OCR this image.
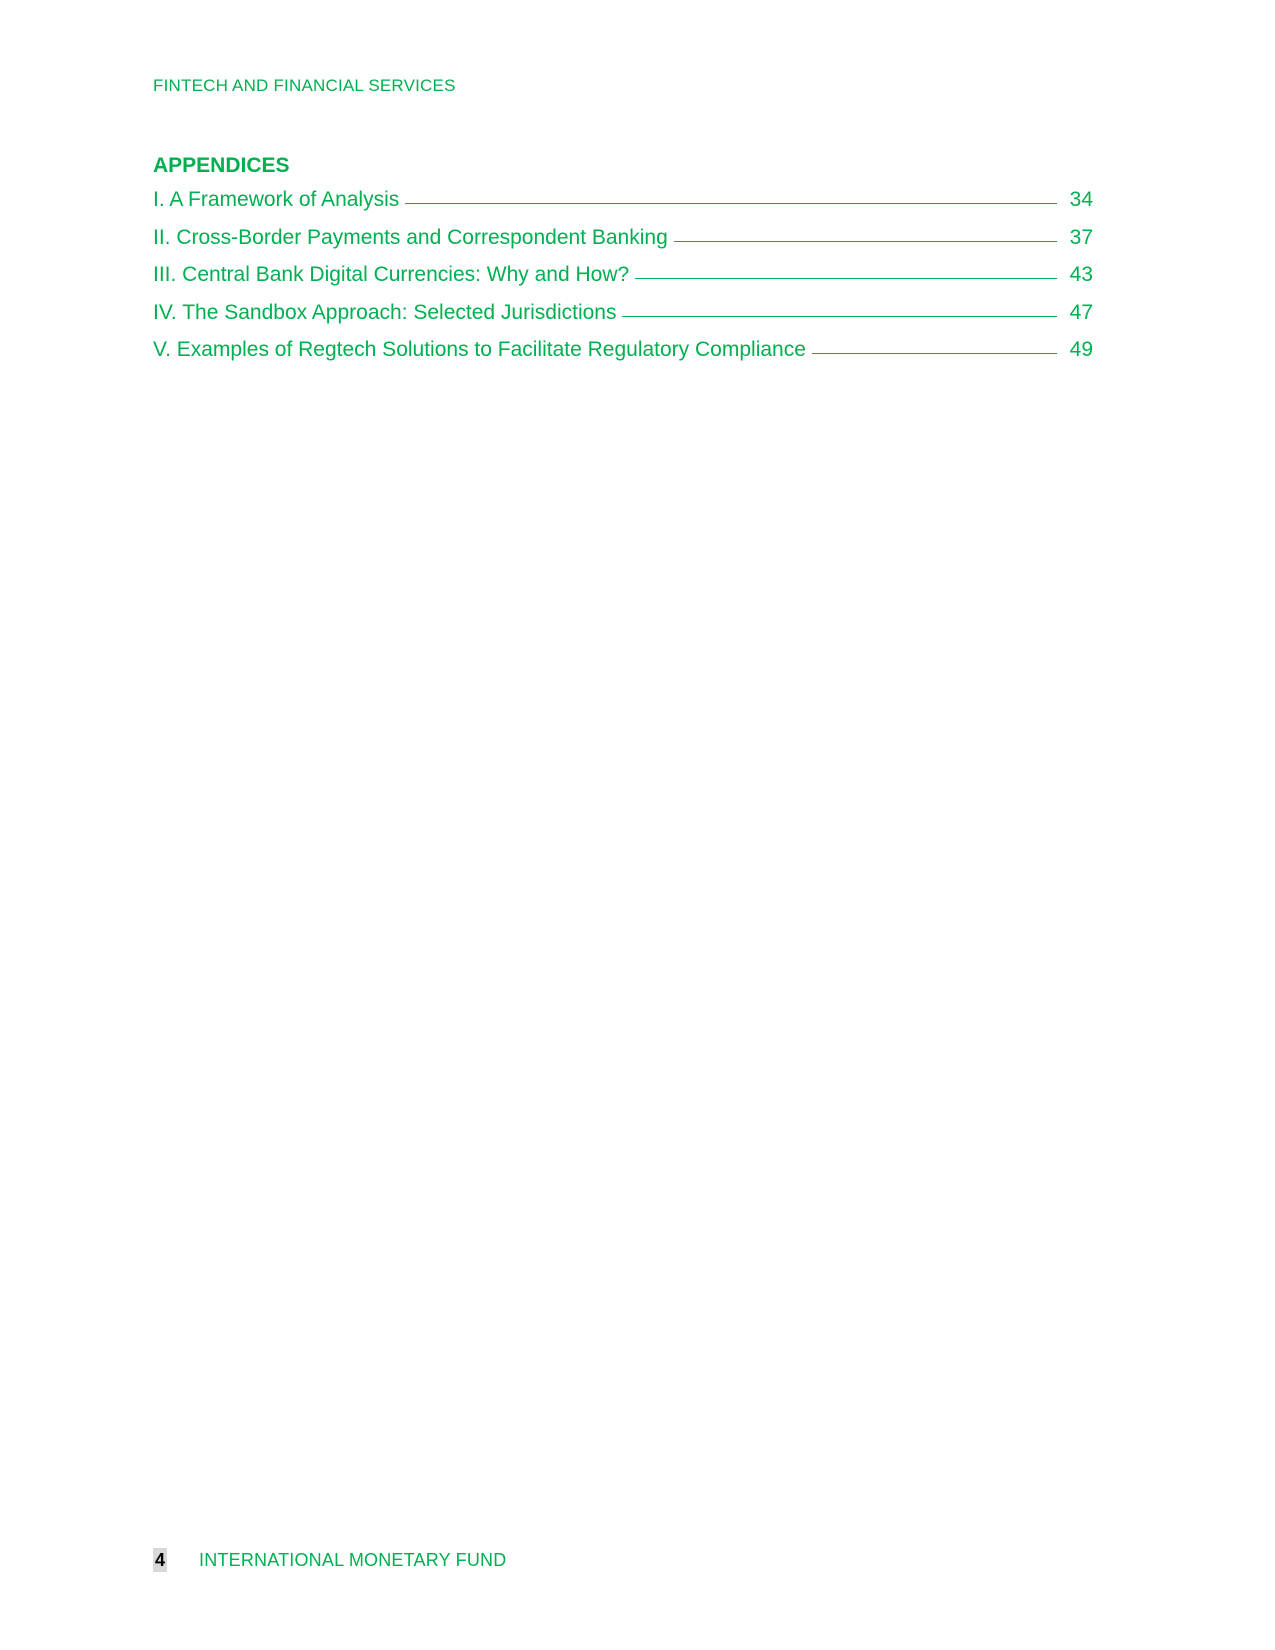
FINTECH AND FINANCIAL SERVICES
APPENDICES
I. A Framework of Analysis	34
II. Cross-Border Payments and Correspondent Banking	37
III. Central Bank Digital Currencies: Why and How?	43
IV. The Sandbox Approach: Selected Jurisdictions	47
V. Examples of Regtech Solutions to Facilitate Regulatory Compliance	49
4 INTERNATIONAL MONETARY FUND
